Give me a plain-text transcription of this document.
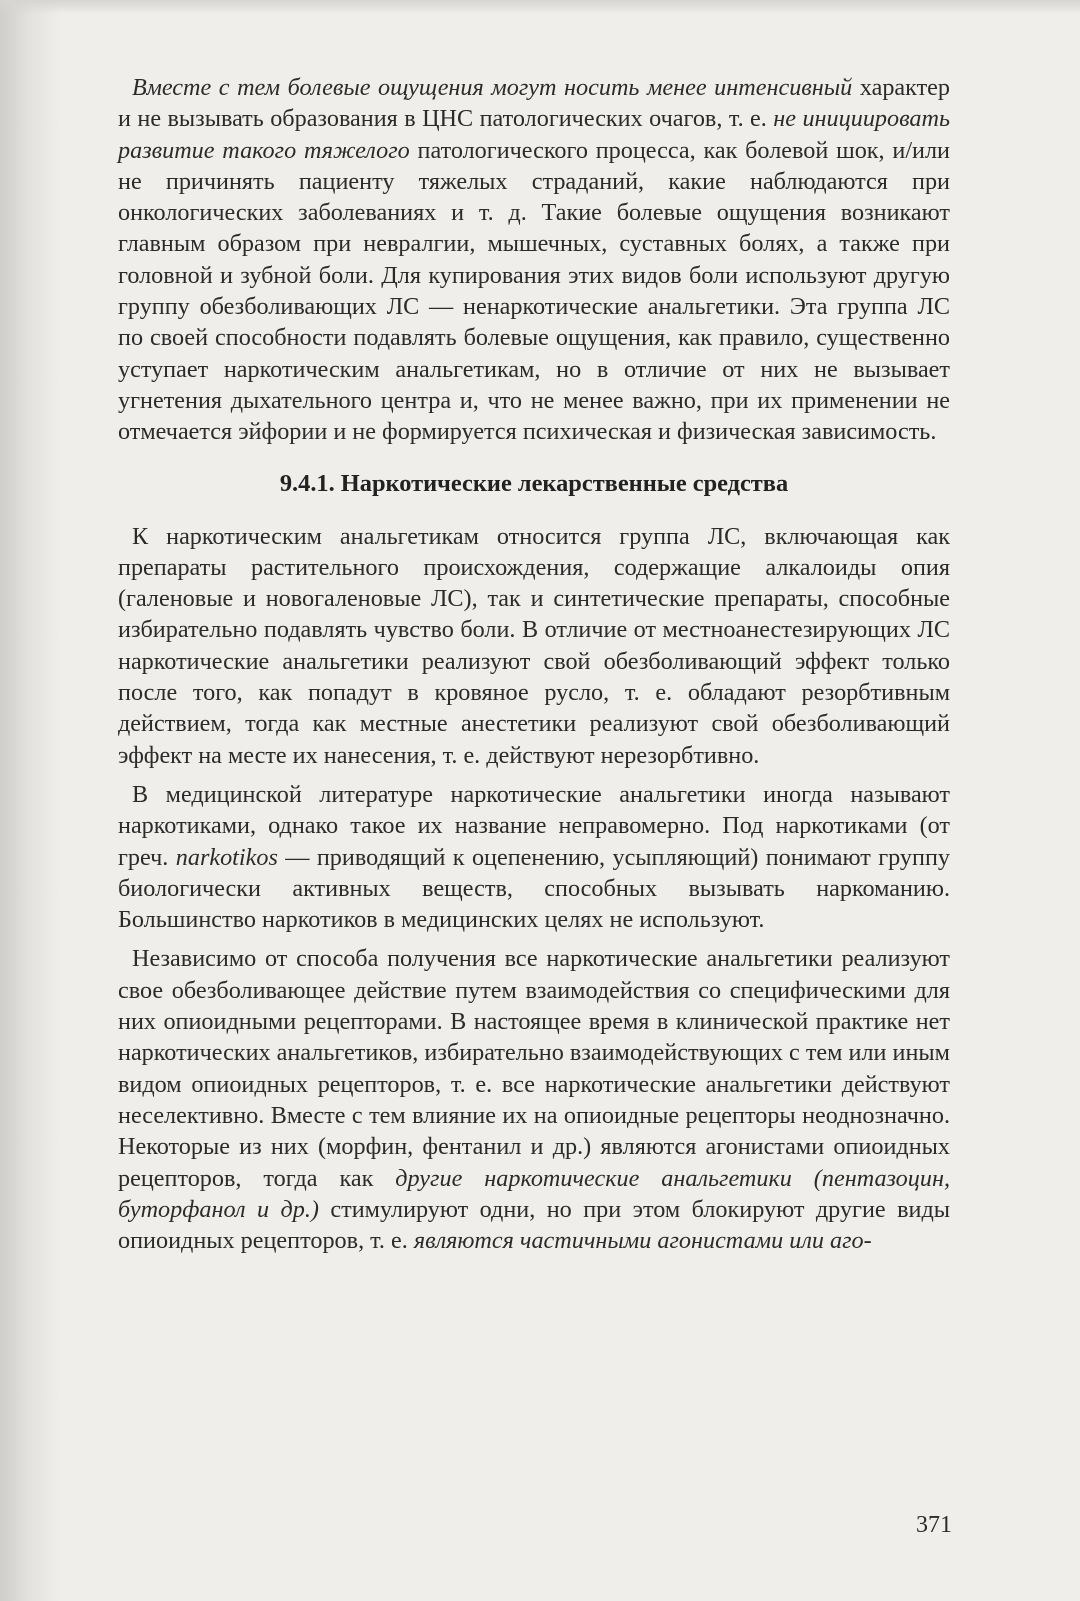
Вместе с тем болевые ощущения могут носить менее интенсивный характер и не вызывать образования в ЦНС патологических очагов, т. е. не инициировать развитие такого тяжелого патологического процесса, как болевой шок, и/или не причинять пациенту тяжелых страданий, какие наблюдаются при онкологических заболеваниях и т. д. Такие болевые ощущения возникают главным образом при невралгии, мышечных, суставных болях, а также при головной и зубной боли. Для купирования этих видов боли используют другую группу обезболивающих ЛС — ненаркотические анальгетики. Эта группа ЛС по своей способности подавлять болевые ощущения, как правило, существенно уступает наркотическим анальгетикам, но в отличие от них не вызывает угнетения дыхательного центра и, что не менее важно, при их применении не отмечается эйфории и не формируется психическая и физическая зависимость.

9.4.1. Наркотические лекарственные средства

К наркотическим анальгетикам относится группа ЛС, включающая как препараты растительного происхождения, содержащие алкалоиды опия (галеновые и новогаленовые ЛС), так и синтетические препараты, способные избирательно подавлять чувство боли. В отличие от местноанестезирующих ЛС наркотические анальгетики реализуют свой обезболивающий эффект только после того, как попадут в кровяное русло, т. е. обладают резорбтивным действием, тогда как местные анестетики реализуют свой обезболивающий эффект на месте их нанесения, т. е. действуют нерезорбтивно.

В медицинской литературе наркотические анальгетики иногда называют наркотиками, однако такое их название неправомерно. Под наркотиками (от греч. narkotikos — приводящий к оцепенению, усыпляющий) понимают группу биологически активных веществ, способных вызывать наркоманию. Большинство наркотиков в медицинских целях не используют.

Независимо от способа получения все наркотические анальгетики реализуют свое обезболивающее действие путем взаимодействия со специфическими для них опиоидными рецепторами. В настоящее время в клинической практике нет наркотических анальгетиков, избирательно взаимодействующих с тем или иным видом опиоидных рецепторов, т. е. все наркотические анальгетики действуют неселективно. Вместе с тем влияние их на опиоидные рецепторы неоднозначно. Некоторые из них (морфин, фентанил и др.) являются агонистами опиоидных рецепторов, тогда как другие наркотические анальгетики (пентазоцин, буторфанол и др.) стимулируют одни, но при этом блокируют другие виды опиоидных рецепторов, т. е. являются частичными агонистами или аго-

371
